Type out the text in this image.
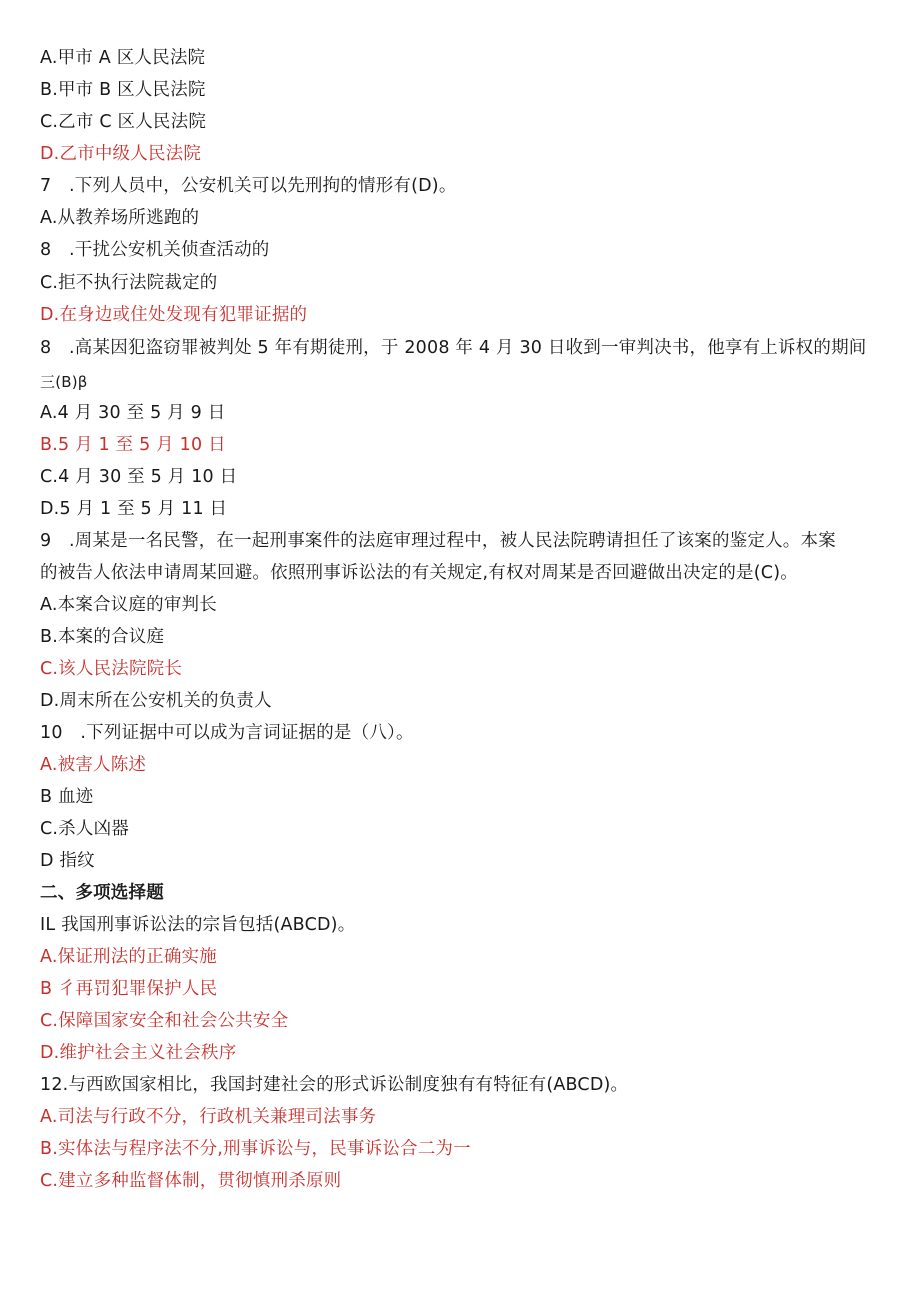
A.甲市 A 区人民法院
B.甲市 B 区人民法院
C.乙市 C 区人民法院
D.乙市中级人民法院
7　.下列人员中，公安机关可以先刑拘的情形有(D)。
A.从教养场所逃跑的
8　.干扰公安机关侦查活动的
C.拒不执行法院裁定的
D.在身边或住处发现有犯罪证据的
8　.高某因犯盗窃罪被判处 5 年有期徒刑，于 2008 年 4 月 30 日收到一审判决书，他享有上诉权的期间
三(B)β
A.4 月 30 至 5 月 9 日
B.5 月 1 至 5 月 10 日
C.4 月 30 至 5 月 10 日
D.5 月 1 至 5 月 11 日
9　.周某是一名民警，在一起刑事案件的法庭审理过程中，被人民法院聘请担任了该案的鉴定人。本案
的被告人依法申请周某回避。依照刑事诉讼法的有关规定,有权对周某是否回避做出决定的是(C)。
A.本案合议庭的审判长
B.本案的合议庭
C.该人民法院院长
D.周末所在公安机关的负责人
10　.下列证据中可以成为言词证据的是（八）。
A.被害人陈述
B 血迹
C.杀人凶器
D 指纹
二、多项选择题
IL 我国刑事诉讼法的宗旨包括(ABCD)。
A.保证刑法的正确实施
B 彳再罚犯罪保护人民
C.保障国家安全和社会公共安全
D.维护社会主义社会秩序
12.与西欧国家相比，我国封建社会的形式诉讼制度独有有特征有(ABCD)。
A.司法与行政不分，行政机关兼理司法事务
B.实体法与程序法不分,刑事诉讼与，民事诉讼合二为一
C.建立多种监督体制，贯彻慎刑杀原则
